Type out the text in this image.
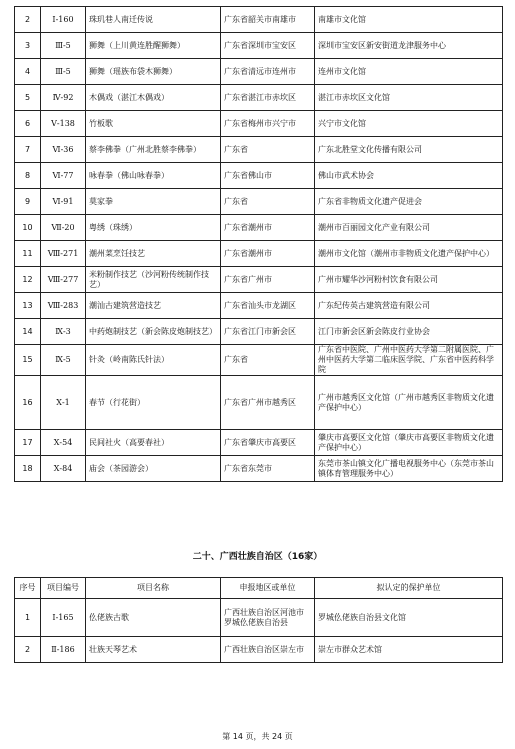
2	Ⅰ-160	珠玑巷人南迁传说	广东省韶关市南雄市	南雄市文化馆
3	Ⅲ-5	狮舞（上川黄连胜醒狮舞）	广东省深圳市宝安区	深圳市宝安区新安街道龙津服务中心
4	Ⅲ-5	狮舞（瑶族布袋木狮舞）	广东省清远市连州市	连州市文化馆
5	Ⅳ-92	木偶戏（湛江木偶戏）	广东省湛江市赤坎区	湛江市赤坎区文化馆
6	Ⅴ-138	竹板歌	广东省梅州市兴宁市	兴宁市文化馆
7	Ⅵ-36	蔡李佛拳（广州北胜蔡李佛拳）	广东省	广东北胜堂文化传播有限公司
8	Ⅵ-77	咏春拳（佛山咏春拳）	广东省佛山市	佛山市武术协会
9	Ⅵ-91	莫家拳	广东省	广东省非物质文化遗产促进会
10	Ⅶ-20	粤绣（珠绣）	广东省潮州市	潮州市百丽园文化产业有限公司
11	Ⅷ-271	潮州菜烹饪技艺	广东省潮州市	潮州市文化馆（潮州市非物质文化遗产保护中心）
12	Ⅷ-277	米粉制作技艺（沙河粉传统制作技艺）	广东省广州市	广州市耀华沙河粉村饮食有限公司
13	Ⅷ-283	潮汕古建筑营造技艺	广东省汕头市龙湖区	广东纪传英古建筑营造有限公司
14	Ⅸ-3	中药炮制技艺（新会陈皮炮制技艺）	广东省江门市新会区	江门市新会区新会陈皮行业协会
15	Ⅸ-5	针灸（岭南陈氏针法）	广东省	广东省中医院、广州中医药大学第二附属医院、广州中医药大学第二临床医学院、广东省中医药科学院
16	Ⅹ-1	春节（行花街）	广东省广州市越秀区	广州市越秀区文化馆（广州市越秀区非物质文化遗产保护中心）
17	Ⅹ-54	民间社火（高要春社）	广东省肇庆市高要区	肇庆市高要区文化馆（肇庆市高要区非物质文化遗产保护中心）
18	Ⅹ-84	庙会（茶园游会）	广东省东莞市	东莞市茶山镇文化广播电视服务中心（东莞市茶山镇体育管理服务中心）
二十、广西壮族自治区（16家）
序号	项目编号	项目名称	申报地区或单位	拟认定的保护单位
1	Ⅰ-165	仫佬族古歌	广西壮族自治区河池市罗城仫佬族自治县	罗城仫佬族自治县文化馆
2	Ⅱ-186	壮族天琴艺术	广西壮族自治区崇左市	崇左市群众艺术馆
第 14 页，共 24 页
